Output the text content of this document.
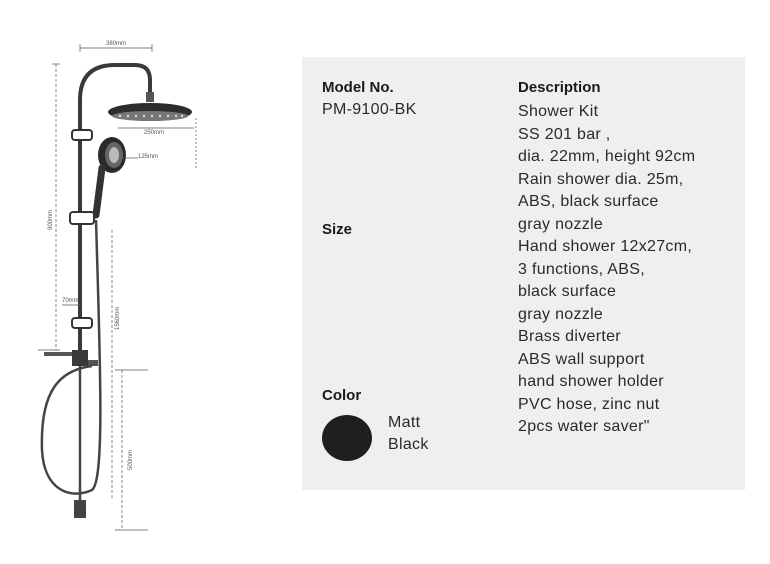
380mm
250mm
125mm
900mm
70mm
1560mm
500mm
Model No.
PM-9100-BK
Size
Color
Matt
Black
Description
Shower Kit
SS 201 bar ,
dia. 22mm, height 92cm
Rain shower dia. 25m,
ABS, black surface
gray nozzle
Hand shower 12x27cm,
3 functions, ABS,
black surface
gray nozzle
Brass diverter
ABS wall support
hand shower holder
PVC hose, zinc nut
2pcs water saver"
